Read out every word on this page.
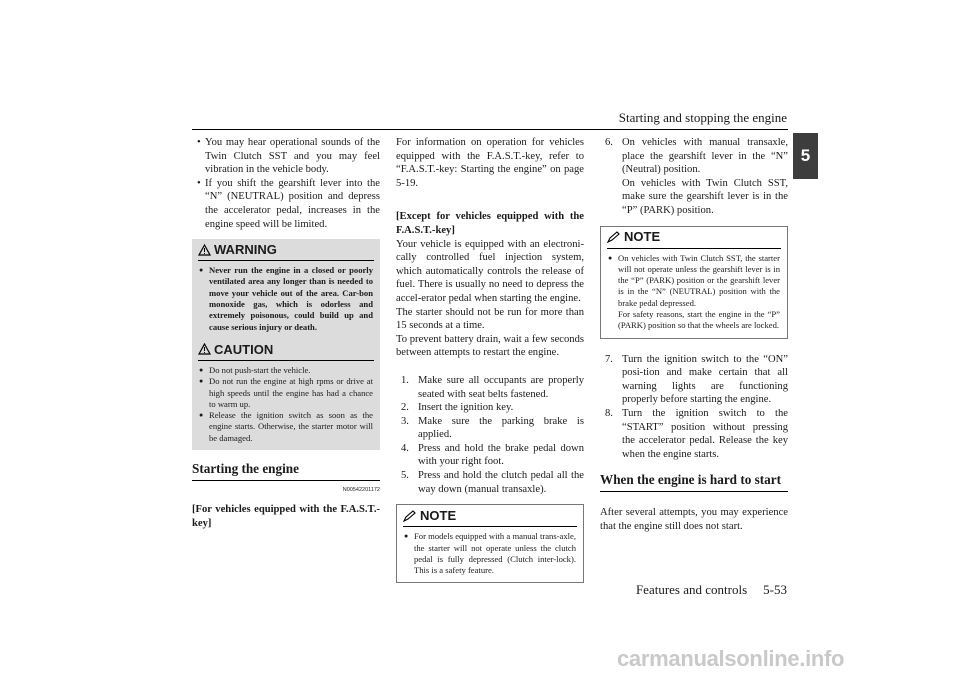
Starting and stopping the engine
5
Features and controls 5-53
• You may hear operational sounds of the Twin Clutch SST and you may feel vibration in the vehicle body.
• If you shift the gearshift lever into the “N” (NEUTRAL) position and depress the accelerator pedal, increases in the engine speed will be limited.
WARNING

● Never run the engine in a closed or poorly ventilated area any longer than is needed to move your vehicle out of the area. Car-bon monoxide gas, which is odorless and extremely poisonous, could build up and cause serious injury or death.

CAUTION

● Do not push-start the vehicle.

● Do not run the engine at high rpms or drive at high speeds until the engine has had a chance to warm up.

● Release the ignition switch as soon as the engine starts. Otherwise, the starter motor will be damaged.

Starting the engine
N00542201172
[For vehicles equipped with the F.A.S.T.-key]

For information on operation for vehicles equipped with the F.A.S.T.-key, refer to “F.A.S.T.-key: Starting the engine” on page 5-19.

[Except for vehicles equipped with the F.A.S.T.-key]

Your vehicle is equipped with an electroni-cally controlled fuel injection system, which automatically controls the release of fuel. There is usually no need to depress the accel-erator pedal when starting the engine.

The starter should not be run for more than 15 seconds at a time.

To prevent battery drain, wait a few seconds between attempts to restart the engine.

1. Make sure all occupants are properly seated with seat belts fastened.
2. Insert the ignition key.
3. Make sure the parking brake is applied.
4. Press and hold the brake pedal down with your right foot.
5. Press and hold the clutch pedal all the way down (manual transaxle).
NOTE

● For models equipped with a manual trans-axle, the starter will not operate unless the clutch pedal is fully depressed (Clutch inter-lock). This is a safety feature.

6. On vehicles with manual transaxle, place the gearshift lever in the “N” (Neutral) position.
On vehicles with Twin Clutch SST, make sure the gearshift lever is in the “P” (PARK) position.
NOTE

● On vehicles with Twin Clutch SST, the starter will not operate unless the gearshift lever is in the “P” (PARK) position or the gearshift lever is in the “N” (NEUTRAL) position with the brake pedal depressed.

For safety reasons, start the engine in the “P” (PARK) position so that the wheels are locked.

7. Turn the ignition switch to the “ON” posi-tion and make certain that all warning lights are functioning properly before starting the engine.
8. Turn the ignition switch to the “START” position without pressing the accelerator pedal. Release the key when the engine starts.
When the engine is hard to start

After several attempts, you may experience that the engine still does not start.

carmanualsonline.info
